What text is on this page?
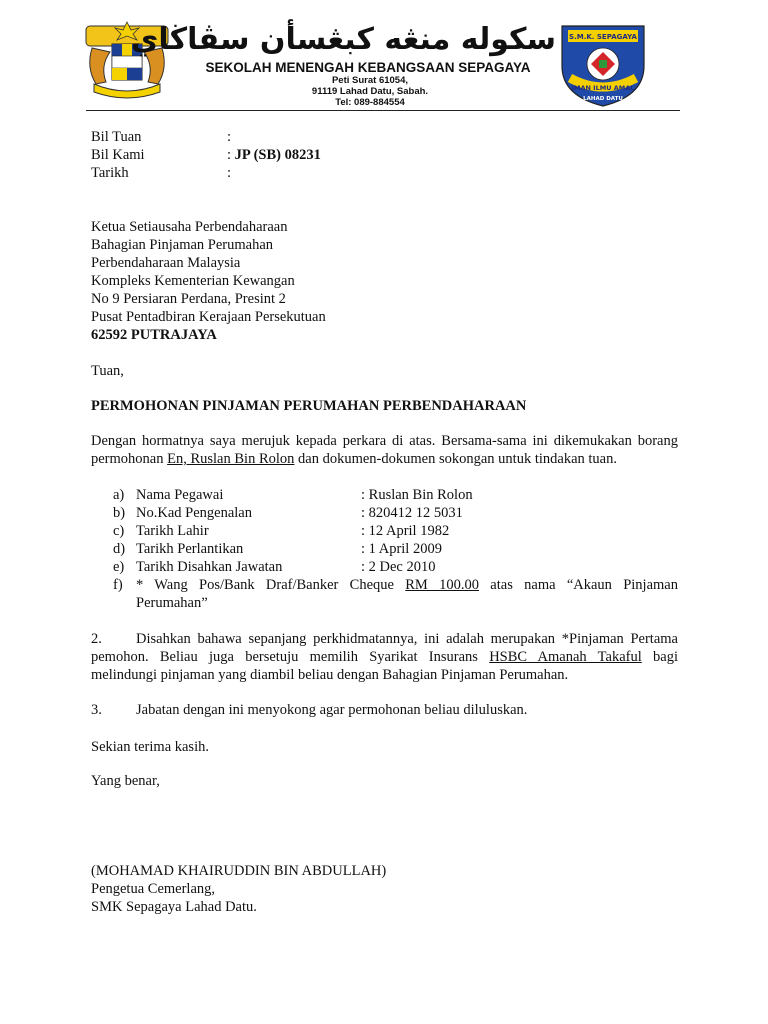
سکوله منڠه کبڠسأن سڤاڬاي
SEKOLAH MENENGAH KEBANGSAAN SEPAGAYA
Peti Surat 61054,
91119 Lahad Datu, Sabah.
Tel: 089-884554
S.M.K. SEPAGAYA
IMAN ILMU AMAL
LAHAD DATU
Bil Tuan	:
Bil Kami	: JP (SB) 08231
Tarikh	:
Ketua Setiausaha Perbendaharaan
Bahagian Pinjaman Perumahan
Perbendaharaan Malaysia
Kompleks Kementerian Kewangan
No 9 Persiaran Perdana, Presint 2
Pusat Pentadbiran Kerajaan Persekutuan
62592 PUTRAJAYA
Tuan,
PERMOHONAN PINJAMAN PERUMAHAN PERBENDAHARAAN
Dengan hormatnya saya merujuk kepada perkara di atas. Bersama-sama ini dikemukakan borang
permohonan En, Ruslan Bin Rolon dan dokumen-dokumen sokongan untuk tindakan tuan.
a) Nama Pegawai	: Ruslan Bin Rolon
b) No.Kad Pengenalan	: 820412 12 5031
c) Tarikh Lahir	: 12 April 1982
d) Tarikh Perlantikan	: 1 April 2009
e) Tarikh Disahkan Jawatan	: 2 Dec 2010
f) * Wang Pos/Bank Draf/Banker Cheque RM 100.00 atas nama “Akaun Pinjaman
Perumahan”
2. Disahkan bahawa sepanjang perkhidmatannya, ini adalah merupakan *Pinjaman Pertama
pemohon. Beliau juga bersetuju memilih Syarikat Insurans HSBC Amanah Takaful bagi
melindungi pinjaman yang diambil beliau dengan Bahagian Pinjaman Perumahan.
3. Jabatan dengan ini menyokong agar permohonan beliau diluluskan.
Sekian terima kasih.
Yang benar,
(MOHAMAD KHAIRUDDIN BIN ABDULLAH)
Pengetua Cemerlang,
SMK Sepagaya Lahad Datu.
